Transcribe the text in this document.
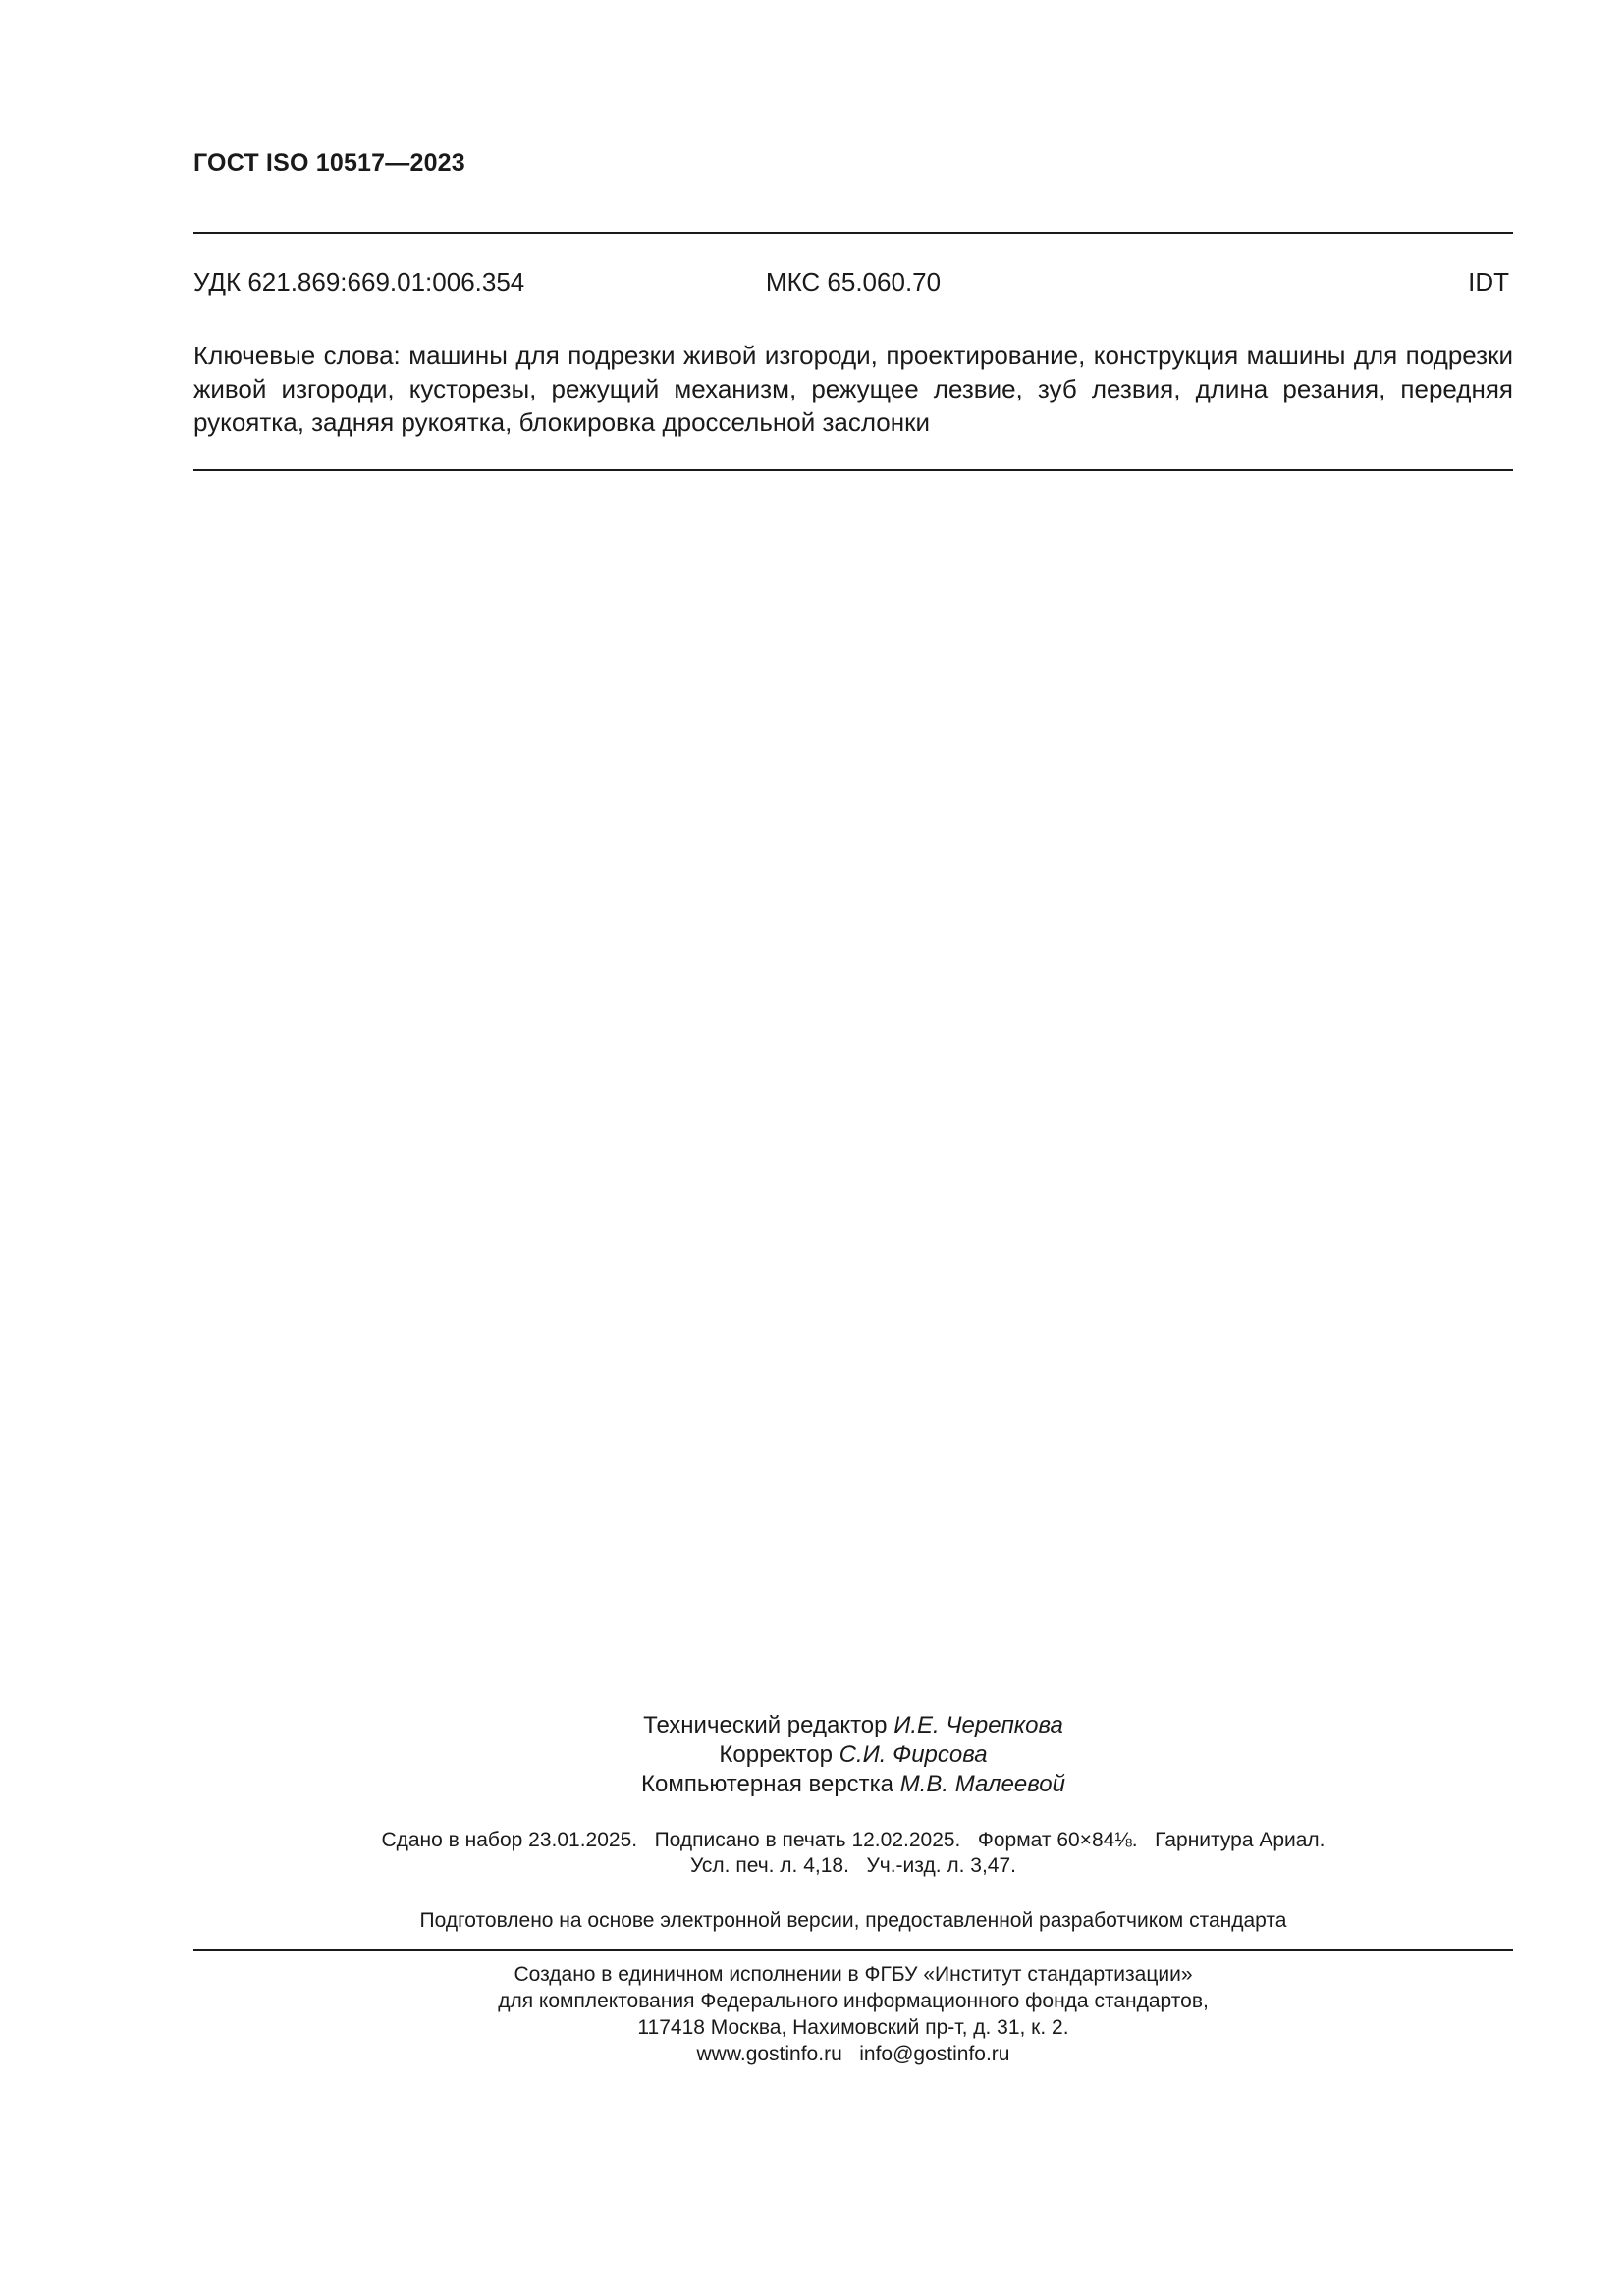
ГОСТ ISO 10517—2023
УДК 621.869:669.01:006.354	МКС 65.060.70	IDT
Ключевые слова: машины для подрезки живой изгороди, проектирование, конструкция машины для подрезки живой изгороди, кусторезы, режущий механизм, режущее лезвие, зуб лезвия, длина резания, передняя рукоятка, задняя рукоятка, блокировка дроссельной заслонки
Технический редактор И.Е. Черепкова
Корректор С.И. Фирсова
Компьютерная верстка М.В. Малеевой
Сдано в набор 23.01.2025.   Подписано в печать 12.02.2025.   Формат 60×84⅛.   Гарнитура Ариал.
Усл. печ. л. 4,18.   Уч.-изд. л. 3,47.
Подготовлено на основе электронной версии, предоставленной разработчиком стандарта
Создано в единичном исполнении в ФГБУ «Институт стандартизации»
для комплектования Федерального информационного фонда стандартов,
117418 Москва, Нахимовский пр-т, д. 31, к. 2.
www.gostinfo.ru   info@gostinfo.ru
